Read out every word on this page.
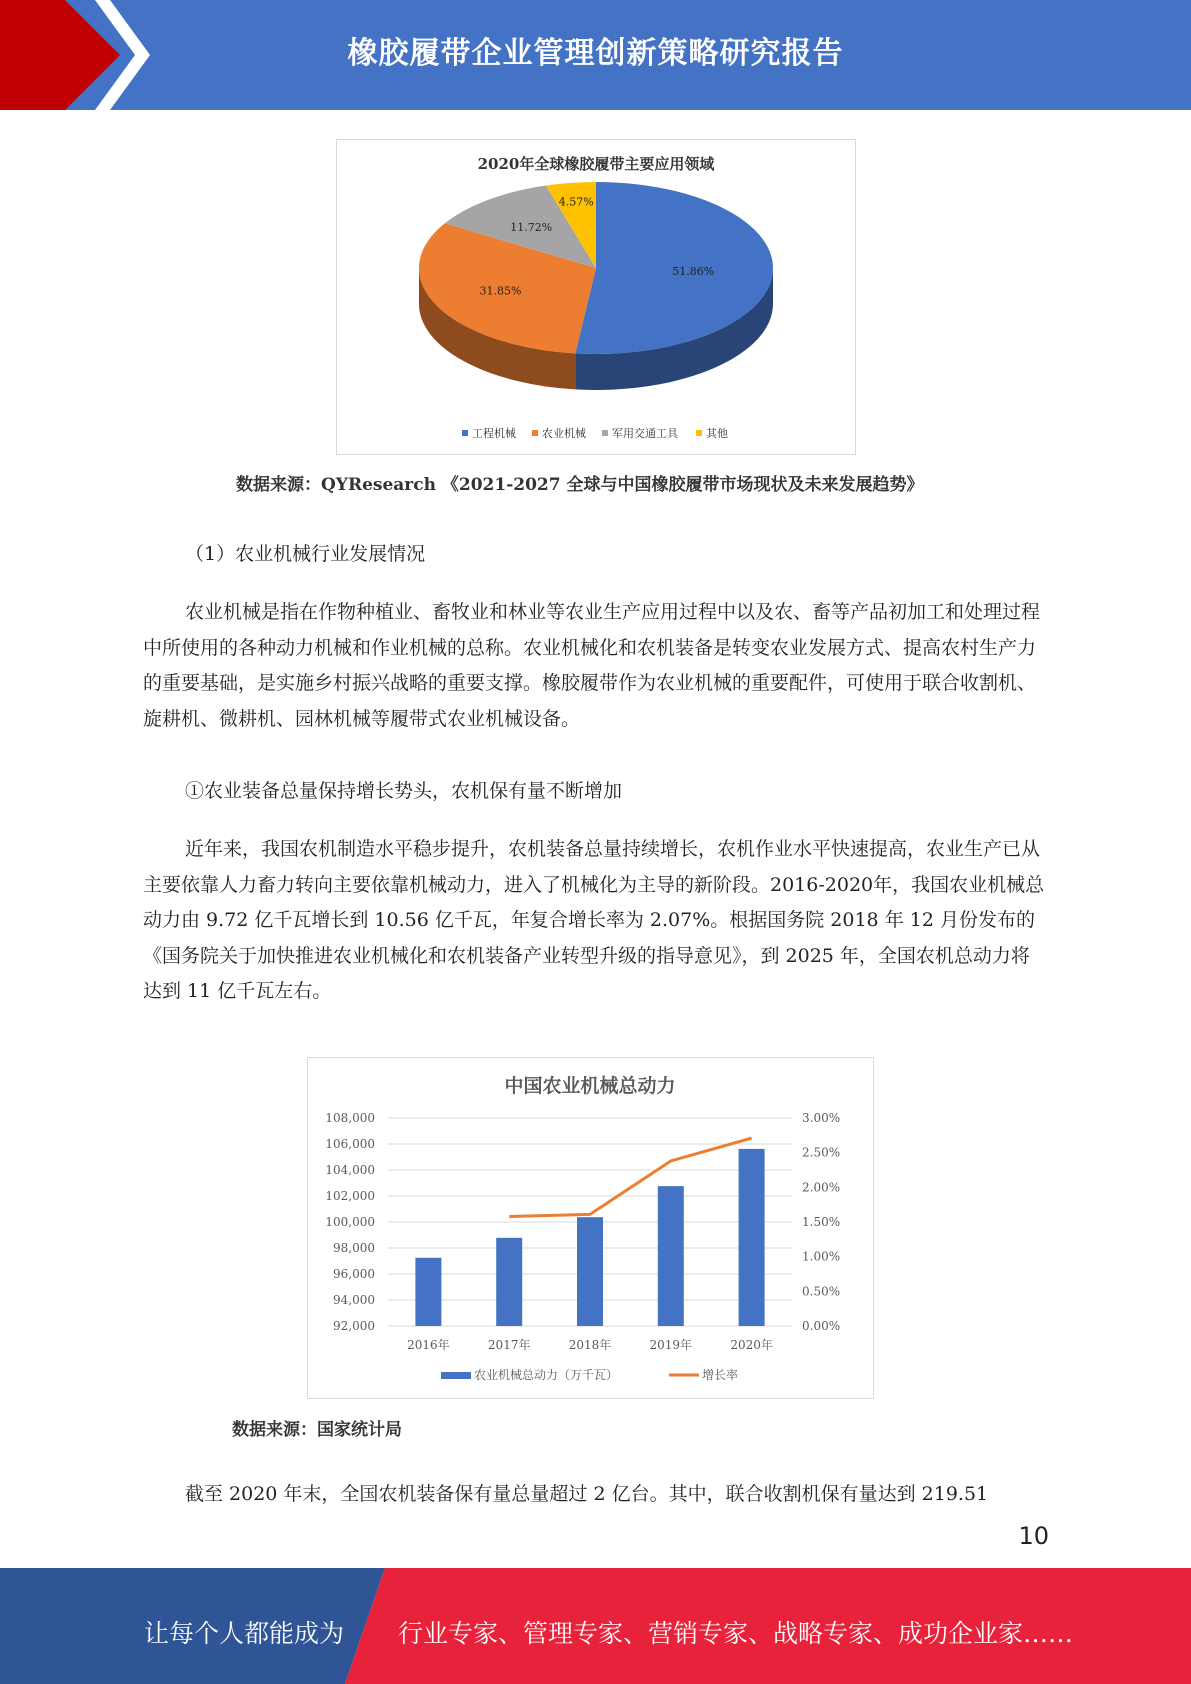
橡胶履带企业管理创新策略研究报告
2020年全球橡胶履带主要应用领域
51.86%
31.85%
11.72%
4.57%
工程机械 农业机械 军用交通工具	其他
数据来源：QYResearch 《2021-2027 全球与中国橡胶履带市场现状及未来发展趋势》
（1）农业机械行业发展情况
农业机械是指在作物种植业、畜牧业和林业等农业生产应用过程中以及农、畜等产品初加工和处理过程中所使用的各种动力机械和作业机械的总称。农业机械化和农机装备是转变农业发展方式、提高农村生产力的重要基础，是实施乡村振兴战略的重要支撑。橡胶履带作为农业机械的重要配件，可使用于联合收割机、旋耕机、微耕机、园林机械等履带式农业机械设备。
①农业装备总量保持增长势头，农机保有量不断增加
近年来，我国农机制造水平稳步提升，农机装备总量持续增长，农机作业水平快速提高，农业生产已从主要依靠人力畜力转向主要依靠机械动力，进入了机械化为主导的新阶段。2016-2020年，我国农业机械总动力由 9.72 亿千瓦增长到 10.56 亿千瓦，年复合增长率为 2.07%。根据国务院 2018 年 12 月份发布的《国务院关于加快推进农业机械化和农机装备产业转型升级的指导意见》，到 2025 年，全国农机总动力将达到 11 亿千瓦左右。
中国农业机械总动力
92,000
94,000
96,000
98,000
100,000
102,000
104,000
106,000
108,000
0.00%
0.50%
1.00%
1.50%
2.00%
2.50%
3.00%
2016年	2017年	2018年	2019年	2020年
农业机械总动力（万千瓦）	增长率
数据来源：国家统计局
截至 2020 年末，全国农机装备保有量总量超过 2 亿台。其中，联合收割机保有量达到 219.51
10
让每个人都能成为 行业专家、管理专家、营销专家、战略专家、成功企业家……
